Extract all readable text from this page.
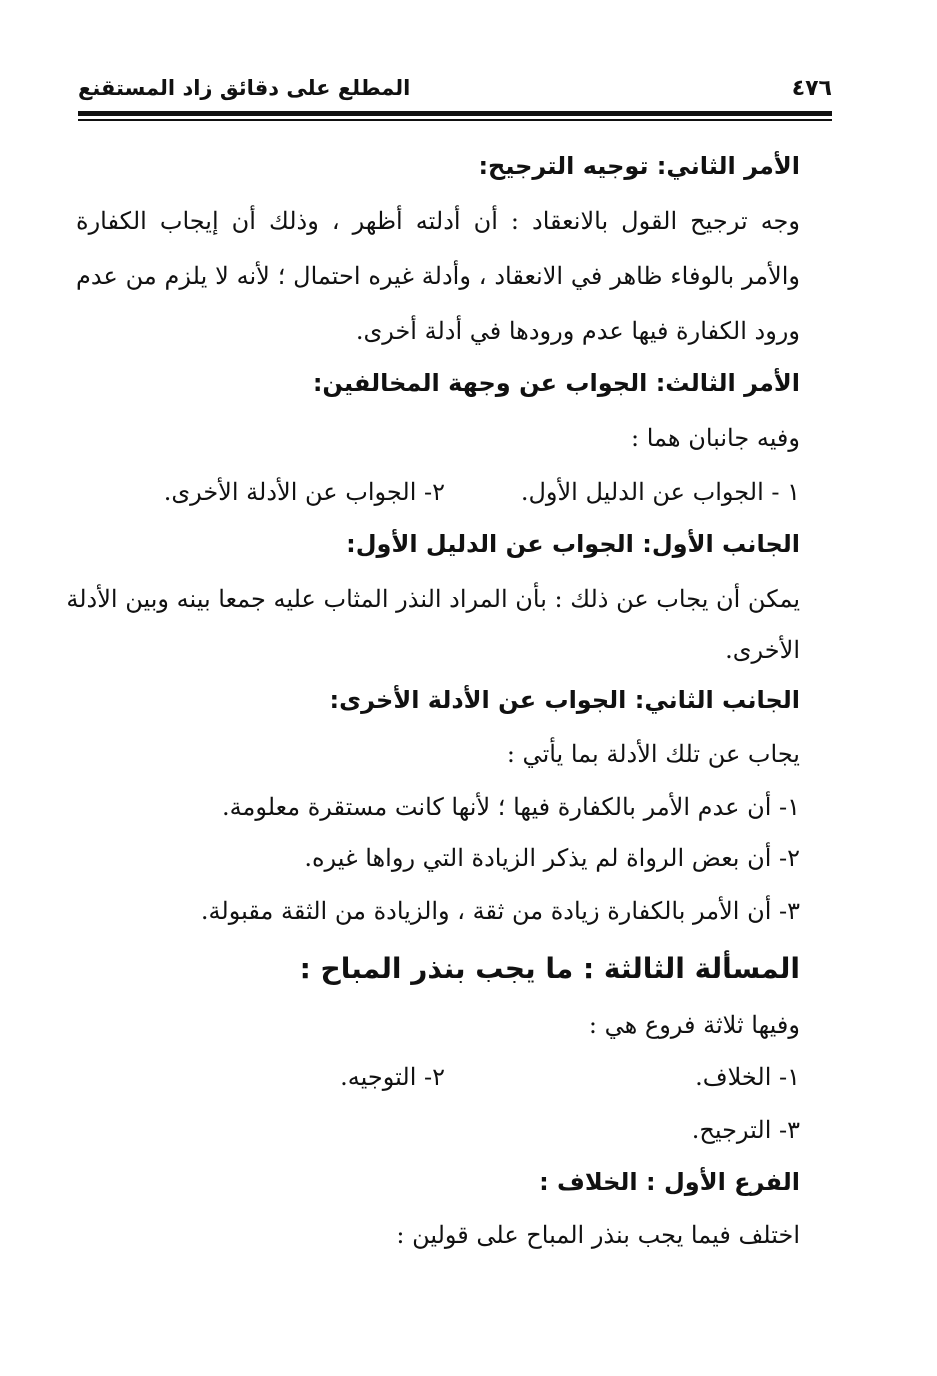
٤٧٦
المطلع على دقائق زاد المستقنع
الأمر الثاني: توجيه الترجيح:
وجه ترجيح القول بالانعقاد : أن أدلته أظهر ، وذلك أن إيجاب الكفارة
والأمر بالوفاء ظاهر في الانعقاد ، وأدلة غيره احتمال ؛ لأنه لا يلزم من عدم
ورود الكفارة فيها عدم ورودها في أدلة أخرى.
الأمر الثالث: الجواب عن وجهة المخالفين:
وفيه جانبان هما :
١ - الجواب عن الدليل الأول.
٢- الجواب عن الأدلة الأخرى.
الجانب الأول: الجواب عن الدليل الأول:
يمكن أن يجاب عن ذلك : بأن المراد النذر المثاب عليه جمعا بينه وبين الأدلة
الأخرى.
الجانب الثاني: الجواب عن الأدلة الأخرى:
يجاب عن تلك الأدلة بما يأتي :
١- أن عدم الأمر بالكفارة فيها ؛ لأنها كانت مستقرة معلومة.
٢- أن بعض الرواة لم يذكر الزيادة التي رواها غيره.
٣- أن الأمر بالكفارة زيادة من ثقة ، والزيادة من الثقة مقبولة.
المسألة الثالثة : ما يجب بنذر المباح :
وفيها ثلاثة فروع هي :
١- الخلاف.
٢- التوجيه.
٣- الترجيح.
الفرع الأول : الخلاف :
اختلف فيما يجب بنذر المباح على قولين :
